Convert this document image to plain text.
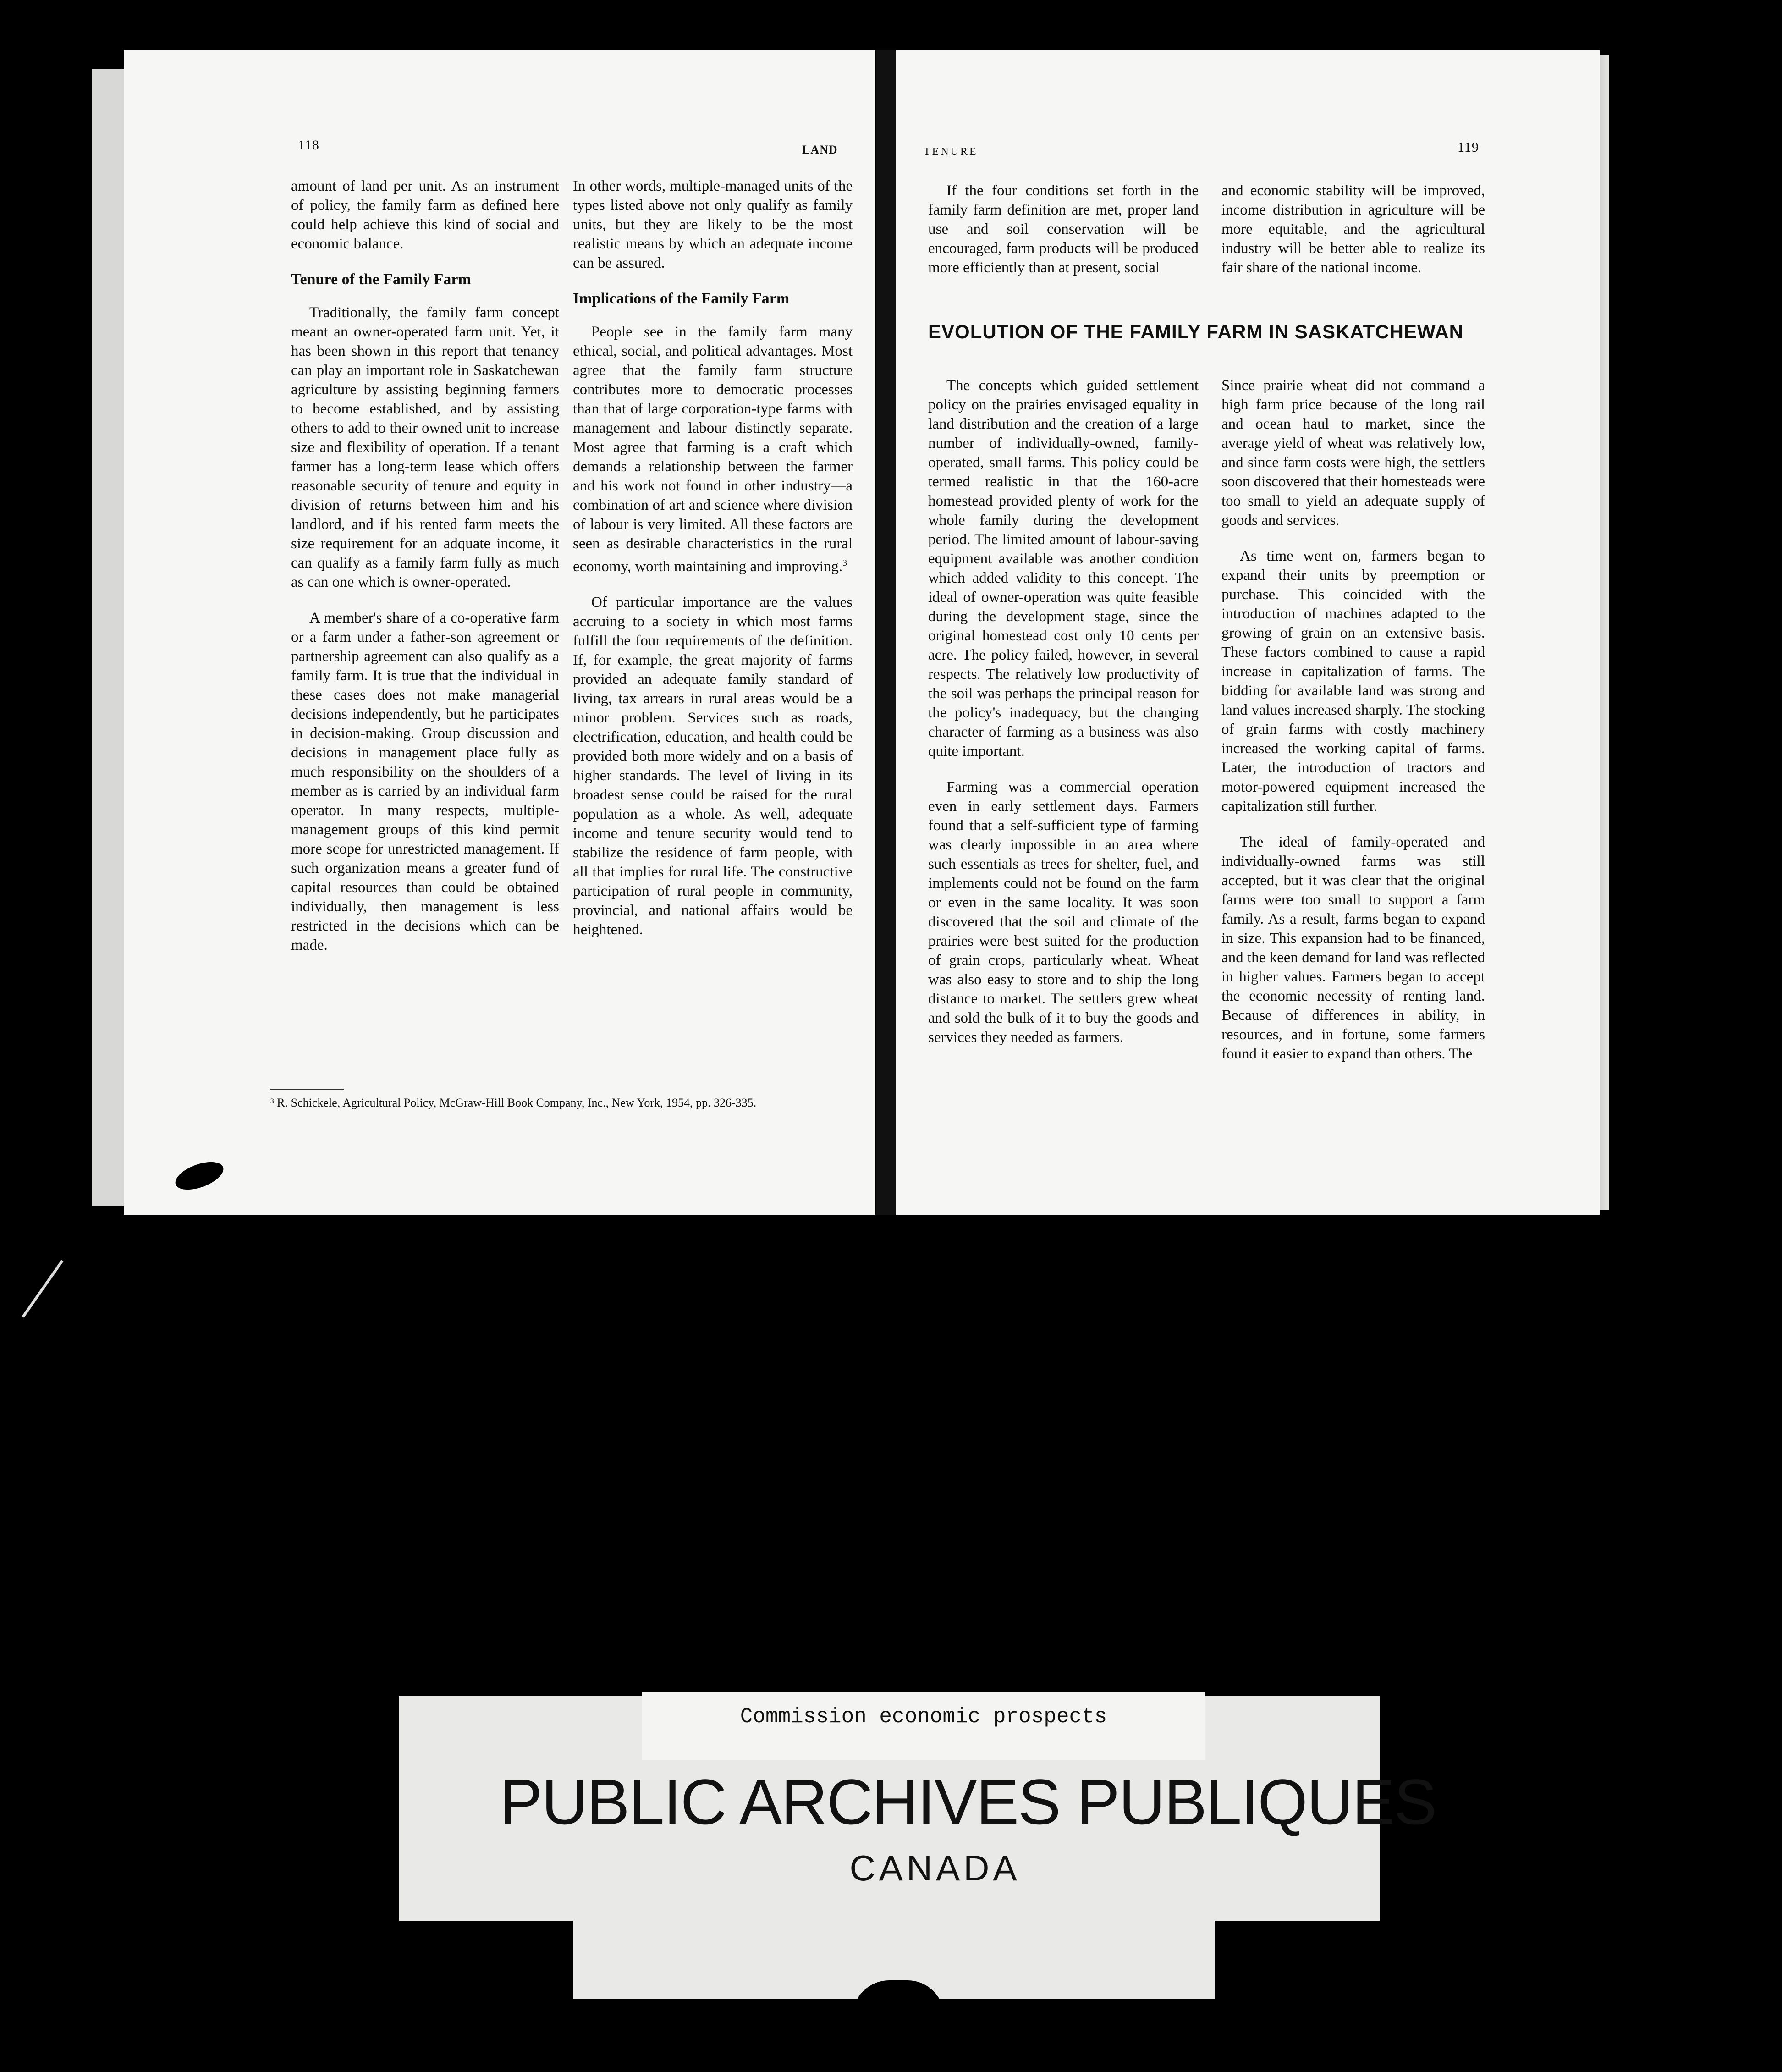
118	LAND

amount of land per unit. As an instrument of policy, the family farm as defined here could help achieve this kind of social and economic balance.

Tenure of the Family Farm

Traditionally, the family farm concept meant an owner-operated farm unit. Yet, it has been shown in this report that tenancy can play an important role in Saskatchewan agriculture by assisting beginning farmers to become established, and by assisting others to add to their owned unit to increase size and flexibility of operation. If a tenant farmer has a long-term lease which offers reasonable security of tenure and equity in division of returns between him and his landlord, and if his rented farm meets the size requirement for an adquate income, it can qualify as a family farm fully as much as can one which is owner-operated.

A member's share of a co-operative farm or a farm under a father-son agreement or partnership agreement can also qualify as a family farm. It is true that the individual in these cases does not make managerial decisions independently, but he participates in decision-making. Group discussion and decisions in management place fully as much responsibility on the shoulders of a member as is carried by an individual farm operator. In many respects, multiple-management groups of this kind permit more scope for unrestricted management. If such organization means a greater fund of capital resources than could be obtained individually, then management is less restricted in the decisions which can be made.

In other words, multiple-managed units of the types listed above not only qualify as family units, but they are likely to be the most realistic means by which an adequate income can be assured.

Implications of the Family Farm

People see in the family farm many ethical, social, and political advantages. Most agree that the family farm structure contributes more to democratic processes than that of large corporation-type farms with management and labour distinctly separate. Most agree that farming is a craft which demands a relationship between the farmer and his work not found in other industry—a combination of art and science where division of labour is very limited. All these factors are seen as desirable characteristics in the rural economy, worth maintaining and improving.$^3$

Of particular importance are the values accruing to a society in which most farms fulfill the four requirements of the definition. If, for example, the great majority of farms provided an adequate family standard of living, tax arrears in rural areas would be a minor problem. Services such as roads, electrification, education, and health could be provided both more widely and on a basis of higher standards. The level of living in its broadest sense could be raised for the rural population as a whole. As well, adequate income and tenure security would tend to stabilize the residence of farm people, with all that implies for rural life. The constructive participation of rural people in community, provincial, and national affairs would be heightened.

³ R. Schickele, Agricultural Policy, McGraw-Hill Book Company, Inc., New York, 1954, pp. 326-335.
TENURE	119

If the four conditions set forth in the family farm definition are met, proper land use and soil conservation will be encouraged, farm products will be produced more efficiently than at present, social

and economic stability will be improved, income distribution in agriculture will be more equitable, and the agricultural industry will be better able to realize its fair share of the national income.

EVOLUTION OF THE FAMILY FARM IN SASKATCHEWAN

The concepts which guided settlement policy on the prairies envisaged equality in land distribution and the creation of a large number of individually-owned, family-operated, small farms. This policy could be termed realistic in that the 160-acre homestead provided plenty of work for the whole family during the development period. The limited amount of labour-saving equipment available was another condition which added validity to this concept. The ideal of owner-operation was quite feasible during the development stage, since the original homestead cost only 10 cents per acre. The policy failed, however, in several respects. The relatively low productivity of the soil was perhaps the principal reason for the policy's inadequacy, but the changing character of farming as a business was also quite important.

Farming was a commercial operation even in early settlement days. Farmers found that a self-sufficient type of farming was clearly impossible in an area where such essentials as trees for shelter, fuel, and implements could not be found on the farm or even in the same locality. It was soon discovered that the soil and climate of the prairies were best suited for the production of grain crops, particularly wheat. Wheat was also easy to store and to ship the long distance to market. The settlers grew wheat and sold the bulk of it to buy the goods and services they needed as farmers.

Since prairie wheat did not command a high farm price because of the long rail and ocean haul to market, since the average yield of wheat was relatively low, and since farm costs were high, the settlers soon discovered that their homesteads were too small to yield an adequate supply of goods and services.

As time went on, farmers began to expand their units by preemption or purchase. This coincided with the introduction of machines adapted to the growing of grain on an extensive basis. These factors combined to cause a rapid increase in capitalization of farms. The bidding for available land was strong and land values increased sharply. The stocking of grain farms with costly machinery increased the working capital of farms. Later, the introduction of tractors and motor-powered equipment increased the capitalization still further.

The ideal of family-operated and individually-owned farms was still accepted, but it was clear that the original farms were too small to support a farm family. As a result, farms began to expand in size. This expansion had to be financed, and the keen demand for land was reflected in higher values. Farmers began to accept the economic necessity of renting land. Because of differences in ability, in resources, and in fortune, some farmers found it easier to expand than others. The

Commission economic prospects
PUBLIC ARCHIVES PUBLIQUES
CANADA
